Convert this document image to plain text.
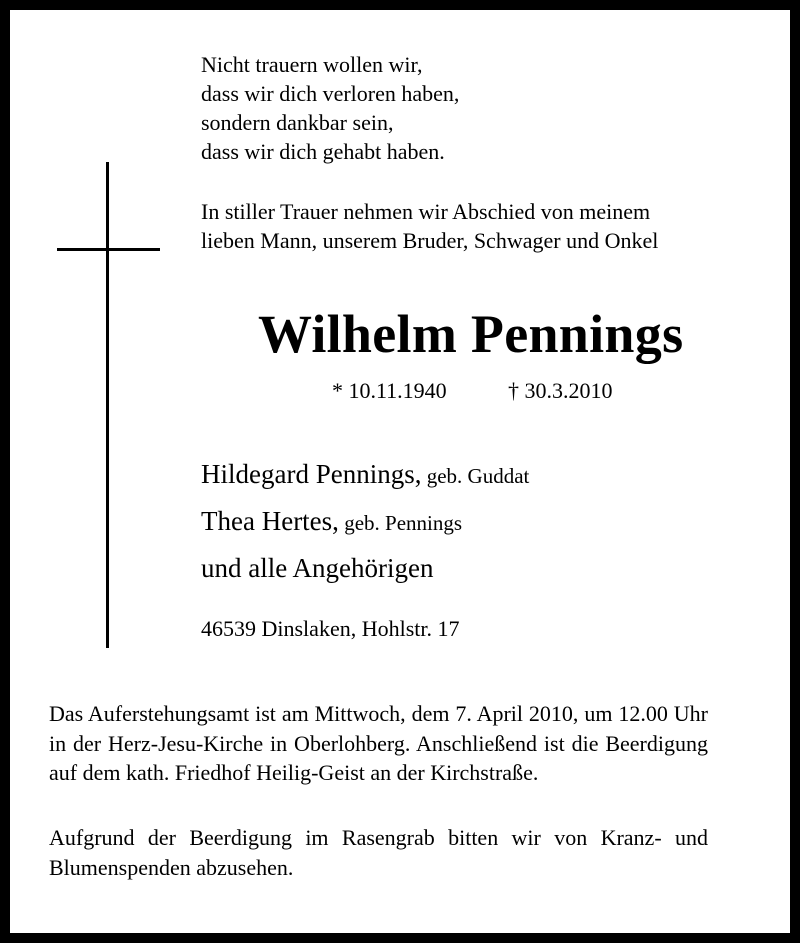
Nicht trauern wollen wir,
dass wir dich verloren haben,
sondern dankbar sein,
dass wir dich gehabt haben.
In stiller Trauer nehmen wir Abschied von meinem
lieben Mann, unserem Bruder, Schwager und Onkel
Wilhelm Pennings
* 10.11.1940	† 30.3.2010
Hildegard Pennings, geb. Guddat
Thea Hertes, geb. Pennings
und alle Angehörigen
46539 Dinslaken, Hohlstr. 17
Das Auferstehungsamt ist am Mittwoch, dem 7. April 2010, um 12.00 Uhr in der Herz-Jesu-Kirche in Oberlohberg. Anschließend ist die Beerdigung auf dem kath. Friedhof Heilig-Geist an der Kirchstraße.
Aufgrund der Beerdigung im Rasengrab bitten wir von Kranz- und Blumenspenden abzusehen.
